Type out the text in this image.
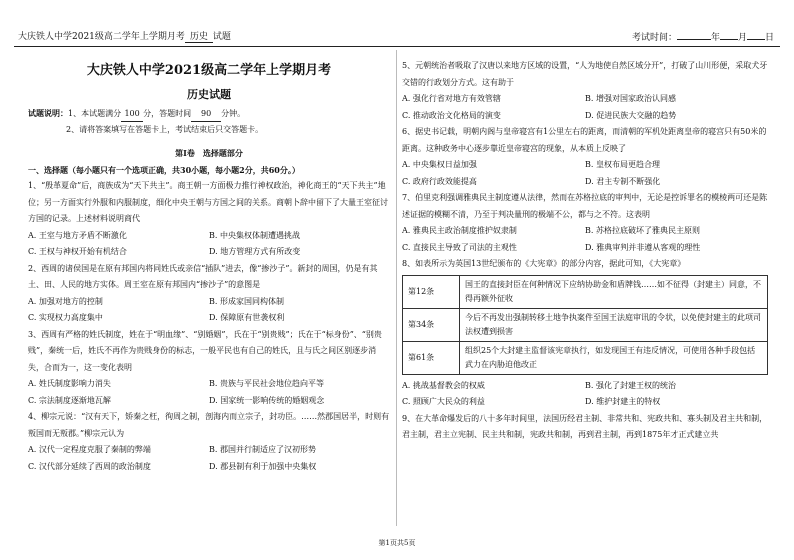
大庆铁人中学2021级高二学年上学期月考 历史 试题	考试时间：	年 月 日
大庆铁人中学2021级高二学年上学期月考
历史试题

试题说明：1、本试题满分 100 分，答题时间 90 分钟。

2、请将答案填写在答题卡上，考试结束后只交答题卡。

第Ⅰ卷　选择题部分

一、选择题（每小题只有一个选项正确，共30小题，每小题2分，共60分。）

1、“殷革夏命”后，商族成为“天下共主”。商王朝一方面极力推行神权政治，神化商王的“天下共主”地位；另一方面实行外服和内服制度，细化中央王朝与方国之间的关系。商朝卜辞中留下了大量王室征讨方国的记录。上述材料说明商代

A. 王室与地方矛盾不断激化	B. 中央集权体制遭遇挑战
C. 王权与神权开始有机结合	D. 地方管理方式有所改变

2、西周的诸侯国是在原有邦国内将同姓氏或亲信“插队”进去，像“掺沙子”。新封的周国，仍是有其土、田、人民的地方实体。周王室在原有邦国内“掺沙子”的意图是

A. 加强对地方的控制	B. 形成家国同构体制
C. 实现权力高度集中	D. 保障原有世袭权利

3、西周有严格的姓氏制度，姓在于“明血缘”、“别婚姻”，氏在于“别贵贱”；氏在于“标身份”、“别贵贱”，秦统一后，姓氏不再作为贵贱身份的标志，一般平民也有自己的姓氏，且与氏之间区别逐步消失，合而为一，这一变化表明

A. 姓氏制度影响力消失	B. 贵族与平民社会地位趋向平等
C. 宗法制度逐渐地瓦解	D. 国家统一影响传统的婚姻观念

4、柳宗元说：“汉有天下，矫秦之枉，徇周之制，剖海内而立宗子，封功臣。……然郡国居半，时则有叛国而无叛郡。”柳宗元认为

A. 汉代一定程度克服了秦制的弊端	B. 郡国并行制适应了汉初形势
C. 汉代部分延续了西周的政治制度	D. 郡县制有利于加强中央集权

5、元朝统治者吸取了汉唐以来地方区域的设置，“人为地使自然区域分开”，打破了山川形便，采取犬牙交错的行政划分方式。这有助于

A. 强化行省对地方有效管辖	B. 增强对国家政治认同感
C. 推动政治文化格局的演变	D. 促进民族大交融的趋势

6、据史书记载，明朝内阁与皇帝寝宫有1公里左右的距离，而清朝的军机处距离皇帝的寝宫只有50米的距离。这种政务中心逐步靠近皇帝寝宫的现象，从本质上反映了

A. 中央集权日益加强	B. 皇权布局更趋合理
C. 政府行政效能提高	D. 君主专制不断强化

7、伯里克利强调雅典民主制度遵从法律，然而在苏格拉底的审判中，无论是控诉罪名的模棱两可还是陈述证据的模糊不清，乃至于判决量刑的极端不公，都与之不符。这表明

A. 雅典民主政治制度推护奴隶制	B. 苏格拉底破坏了雅典民主原则
C. 直接民主导致了司法的主观性	D. 雅典审判并非遵从客观的理性

8、如表所示为英国13世纪颁布的《大宪章》的部分内容，据此可知，《大宪章》

第12条	国王的直接封臣在何种情况下应纳协助金和盾牌钱……如不征得（封建主）同意，不得再额外征收
第34条	今后不再发出强制转移土地争执案件至国王法庭审讯的令状，以免使封建主的此项司法权遭到损害
第61条	组织25个大封建主监督该宪章执行，如发现国王有违反情况，可使用各种手段包括武力在内胁迫他改正
A. 挑战基督教会的权威	B. 强化了封建王权的统治
C. 照顾广大民众的利益	D. 维护封建主的特权

9、在大革命爆发后的八十多年时间里，法国历经君主制、非常共和、宪政共和、寡头制及君主共和制，君主制，君主立宪制、民主共和制，宪政共和制，再到君主制，再到1875年才正式建立共

第1页共5页
